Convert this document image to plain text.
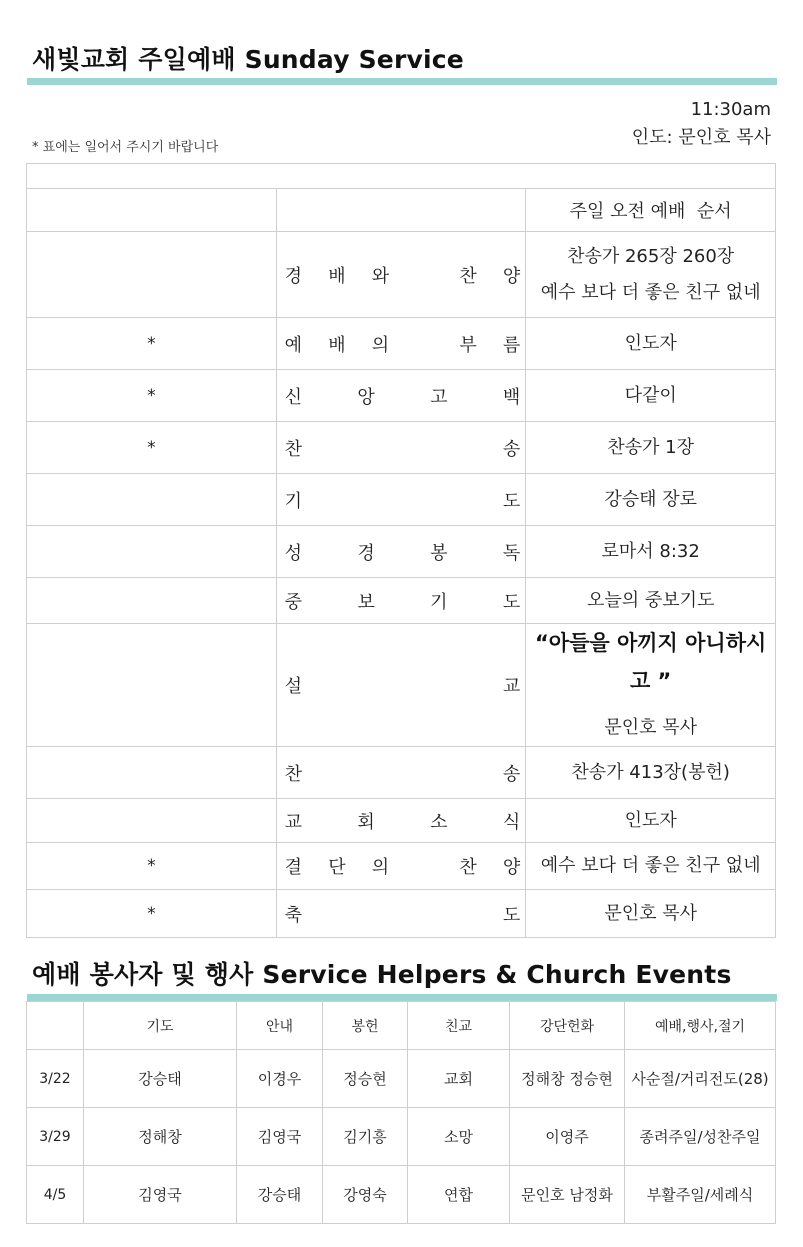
새빛교회 주일예배 Sunday Service
11:30am
인도: 문인호 목사
* 표에는 일어서 주시기 바랍니다

		주일 오전 예배  순서

	경 배 와 찬 양	찬송가 265장 260장
예수 보다 더 좋은 친구 없네

*	예 배 의 부 름	인도자

*	신 앙 고 백	다같이

*	찬 송	찬송가 1장

	기 도	강승태 장로

	성 경 봉 독	로마서 8:32

	중 보 기 도	오늘의 중보기도

	설 교	“아들을 아끼지 아니하시고 ”
문인호 목사

	찬 송	찬송가 413장(봉헌)

	교 회 소 식	인도자

*	결 단 의 찬 양	예수 보다 더 좋은 친구 없네

*	축 도	문인호 목사
예배 봉사자 및 행사 Service Helpers & Church Events
	기도	안내	봉헌	친교	강단헌화	예배,행사,절기
3/22	강승태	이경우	정승현	교회	정해창 정승현	사순절/거리전도(28)
3/29	정해창	김영국	김기흥	소망	이영주	종려주일/성찬주일
4/5	김영국	강승태	강영숙	연합	문인호 남정화	부활주일/세례식
